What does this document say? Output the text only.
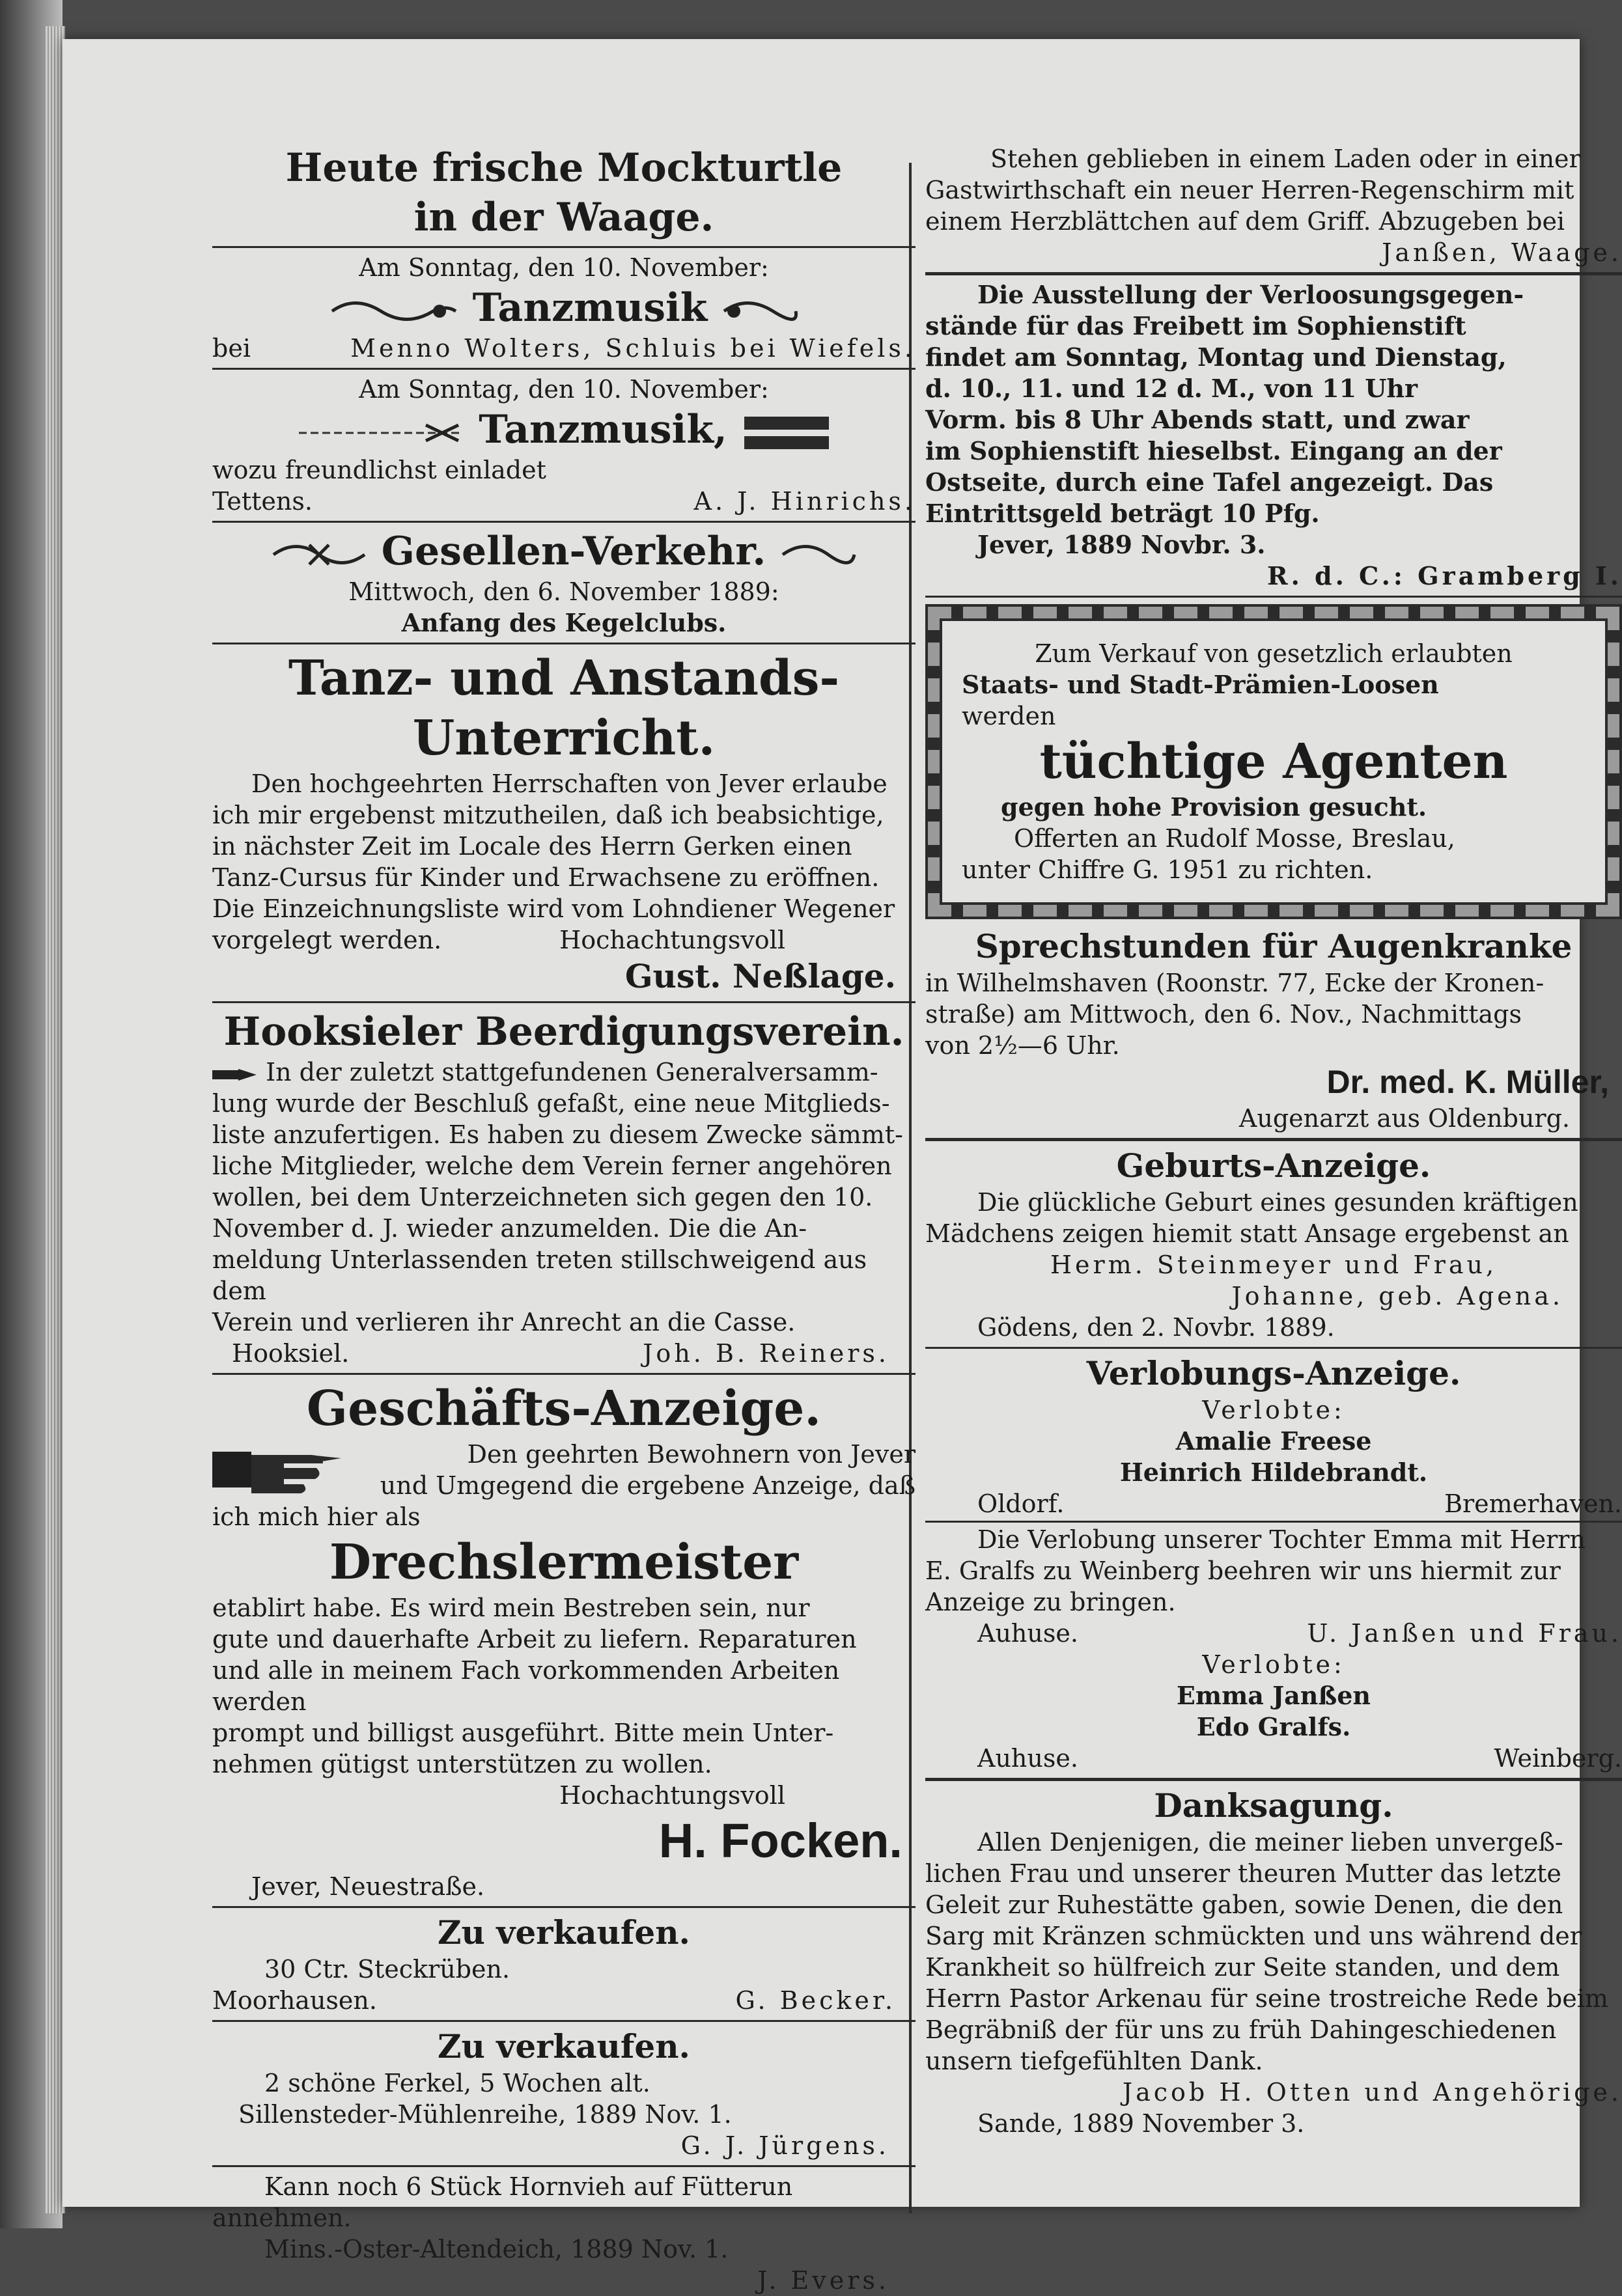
Heute frische Mockturtle
in der Waage.
Am Sonntag, den 10. November:
Tanzmusik
bei	Menno Wolters, Schluis bei Wiefels.
Am Sonntag, den 10. November:
Tanzmusik,
wozu freundlichst einladet
Tettens.	A. J. Hinrichs.
Gesellen-Verkehr.
Mittwoch, den 6. November 1889:
Anfang des Kegelclubs.
Tanz- und Anstands-
Unterricht.
Den hochgeehrten Herrschaften von Jever erlaube
ich mir ergebenst mitzutheilen, daß ich beabsichtige,
in nächster Zeit im Locale des Herrn Gerken einen
Tanz-Cursus für Kinder und Erwachsene zu eröffnen.
Die Einzeichnungsliste wird vom Lohndiener Wegener
vorgelegt werden.	Hochachtungsvoll
Gust. Neßlage.
Hooksieler Beerdigungsverein.
In der zuletzt stattgefundenen Generalversamm-
lung wurde der Beschluß gefaßt, eine neue Mitglieds-
liste anzufertigen. Es haben zu diesem Zwecke sämmt-
liche Mitglieder, welche dem Verein ferner angehören
wollen, bei dem Unterzeichneten sich gegen den 10.
November d. J. wieder anzumelden. Die die An-
meldung Unterlassenden treten stillschweigend aus dem
Verein und verlieren ihr Anrecht an die Casse.
Hooksiel.	Joh. B. Reiners.
Geschäfts-Anzeige.
Den geehrten Bewohnern von Jever
und Umgegend die ergebene Anzeige, daß
ich mich hier als
Drechslermeister
etablirt habe. Es wird mein Bestreben sein, nur
gute und dauerhafte Arbeit zu liefern. Reparaturen
und alle in meinem Fach vorkommenden Arbeiten werden
prompt und billigst ausgeführt. Bitte mein Unter-
nehmen gütigst unterstützen zu wollen.
Hochachtungsvoll
H. Focken.
Jever, Neuestraße.
Zu verkaufen.
30 Ctr. Steckrüben.
Moorhausen.	G. Becker.
Zu verkaufen.
2 schöne Ferkel, 5 Wochen alt.
Sillensteder-Mühlenreihe, 1889 Nov. 1.
G. J. Jürgens.
Kann noch 6 Stück Hornvieh auf Fütterun
annehmen.
Mins.-Oster-Altendeich, 1889 Nov. 1.
J. Evers.
Stehen geblieben in einem Laden oder in einer
Gastwirthschaft ein neuer Herren-Regenschirm mit
einem Herzblättchen auf dem Griff. Abzugeben bei
Janßen, Waage.
Die Ausstellung der Verloosungsgegen-
stände für das Freibett im Sophienstift
findet am Sonntag, Montag und Dienstag,
d. 10., 11. und 12 d. M., von 11 Uhr
Vorm. bis 8 Uhr Abends statt, und zwar
im Sophienstift hieselbst. Eingang an der
Ostseite, durch eine Tafel angezeigt. Das
Eintrittsgeld beträgt 10 Pfg.
Jever, 1889 Novbr. 3.
R. d. C.: Gramberg I.
Zum Verkauf von gesetzlich erlaubten
Staats- und Stadt-Prämien-Loosen
werden
tüchtige Agenten
gegen hohe Provision gesucht.
Offerten an Rudolf Mosse, Breslau,
unter Chiffre G. 1951 zu richten.
Sprechstunden für Augenkranke
in Wilhelmshaven (Roonstr. 77, Ecke der Kronen-
straße) am Mittwoch, den 6. Nov., Nachmittags
von 2½—6 Uhr.
Dr. med. K. Müller,
Augenarzt aus Oldenburg.
Geburts-Anzeige.
Die glückliche Geburt eines gesunden kräftigen
Mädchens zeigen hiemit statt Ansage ergebenst an
Herm. Steinmeyer und Frau,
Johanne, geb. Agena.
Gödens, den 2. Novbr. 1889.
Verlobungs-Anzeige.
Verlobte:
Amalie Freese
Heinrich Hildebrandt.
Oldorf.	Bremerhaven.
Die Verlobung unserer Tochter Emma mit Herrn
E. Gralfs zu Weinberg beehren wir uns hiermit zur
Anzeige zu bringen.
Auhuse.	U. Janßen und Frau.
Verlobte:
Emma Janßen
Edo Gralfs.
Auhuse.	Weinberg.
Danksagung.
Allen Denjenigen, die meiner lieben unvergeß-
lichen Frau und unserer theuren Mutter das letzte
Geleit zur Ruhestätte gaben, sowie Denen, die den
Sarg mit Kränzen schmückten und uns während der
Krankheit so hülfreich zur Seite standen, und dem
Herrn Pastor Arkenau für seine trostreiche Rede beim
Begräbniß der für uns zu früh Dahingeschiedenen
unsern tiefgefühlten Dank.
Jacob H. Otten und Angehörige.
Sande, 1889 November 3.
